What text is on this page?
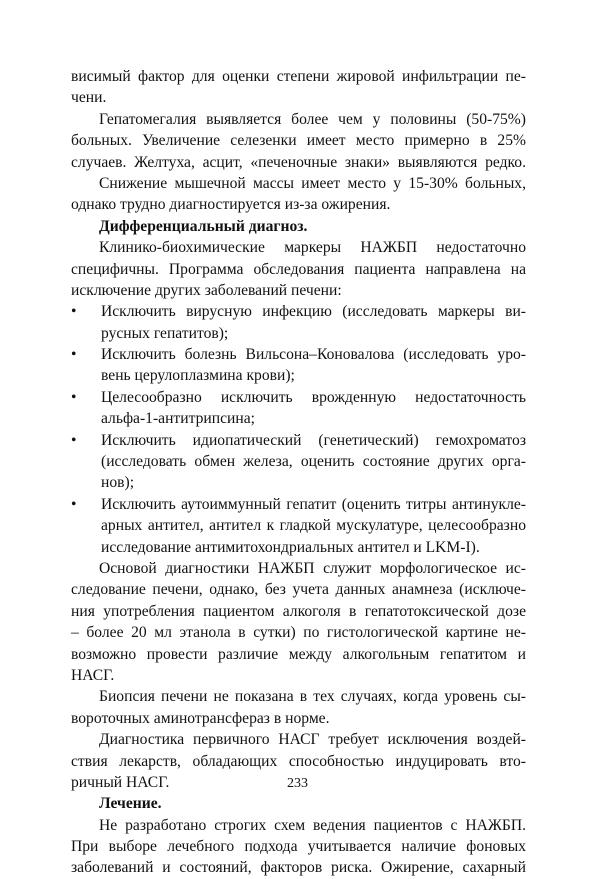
висимый фактор для оценки степени жировой инфильтрации пе-
чени.
Гепатомегалия выявляется более чем у половины (50-75%)
больных. Увеличение селезенки имеет место примерно в 25%
случаев. Желтуха, асцит, «печеночные знаки» выявляются редко.
Снижение мышечной массы имеет место у 15-30% больных,
однако трудно диагностируется из-за ожирения.
Дифференциальный диагноз.
Клинико-биохимические маркеры НАЖБП недостаточно
специфичны. Программа обследования пациента направлена на
исключение других заболеваний печени:
• Исключить вирусную инфекцию (исследовать маркеры ви-
русных гепатитов);
• Исключить болезнь Вильсона–Коновалова (исследовать уро-
вень церулоплазмина крови);
• Целесообразно исключить врожденную недостаточность
альфа-1-антитрипсина;
• Исключить идиопатический (генетический) гемохроматоз
(исследовать обмен железа, оценить состояние других орга-
нов);
• Исключить аутоиммунный гепатит (оценить титры антинукле-
арных антител, антител к гладкой мускулатуре, целесообразно
исследование антимитохондриальных антител и LKM-I).
Основой диагностики НАЖБП служит морфологическое ис-
следование печени, однако, без учета данных анамнеза (исключе-
ния употребления пациентом алкоголя в гепатотоксической дозе
– более 20 мл этанола в сутки) по гистологической картине не-
возможно провести различие между алкогольным гепатитом и
НАСГ.
Биопсия печени не показана в тех случаях, когда уровень сы-
вороточных аминотрансфераз в норме.
Диагностика первичного НАСГ требует исключения воздей-
ствия лекарств, обладающих способностью индуцировать вто-
ричный НАСГ.
Лечение.
Не разработано строгих схем ведения пациентов с НАЖБП.
При выборе лечебного подхода учитывается наличие фоновых
заболеваний и состояний, факторов риска. Ожирение, сахарный
233
